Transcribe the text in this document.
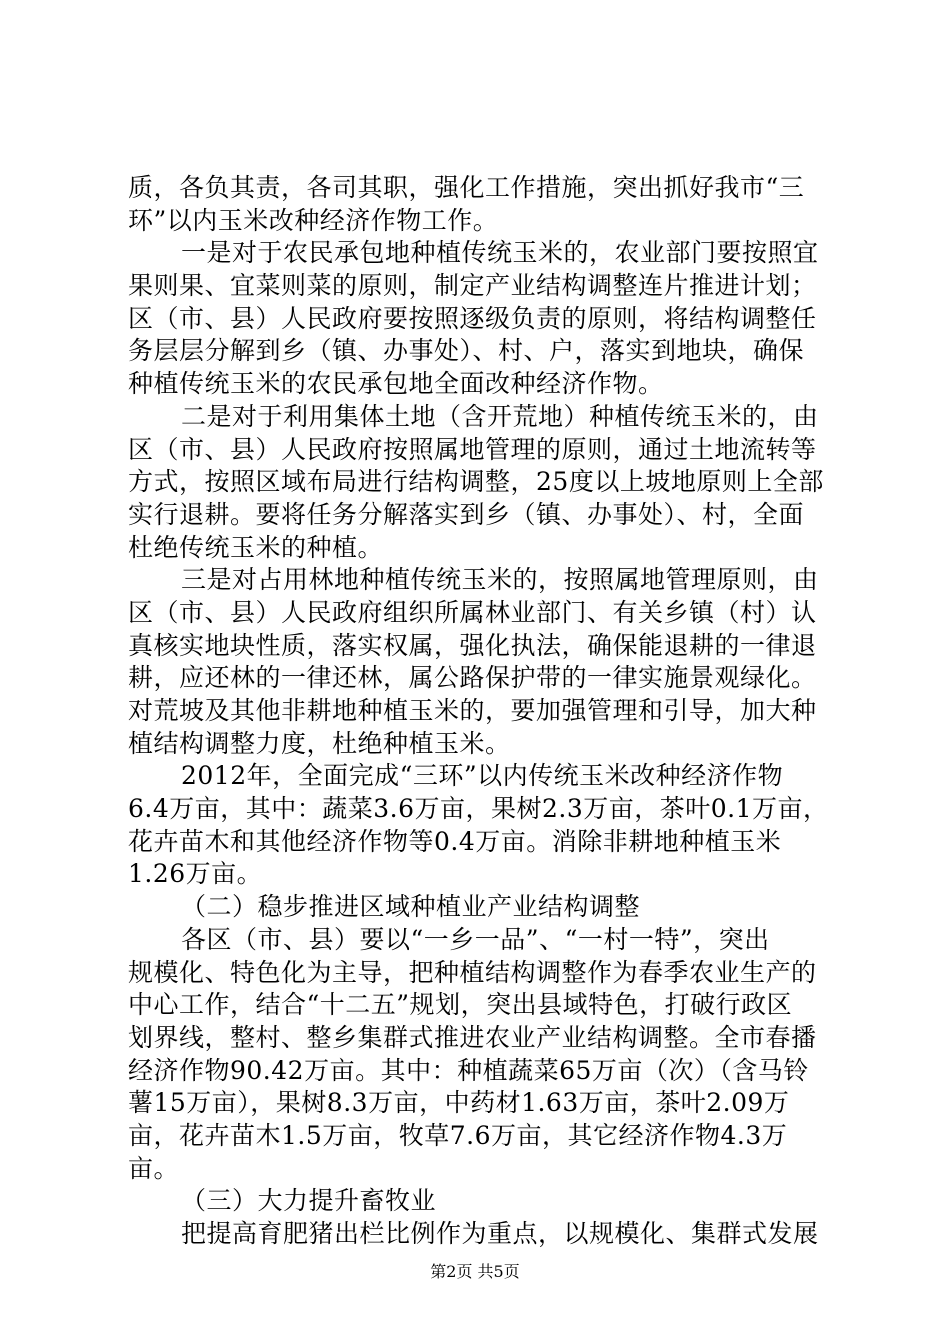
质，各负其责，各司其职，强化工作措施，突出抓好我市“三
环”以内玉米改种经济作物工作。
一是对于农民承包地种植传统玉米的，农业部门要按照宜
果则果、宜菜则菜的原则，制定产业结构调整连片推进计划；
区（市、县）人民政府要按照逐级负责的原则，将结构调整任
务层层分解到乡（镇、办事处）、村、户，落实到地块，确保
种植传统玉米的农民承包地全面改种经济作物。
二是对于利用集体土地（含开荒地）种植传统玉米的，由
区（市、县）人民政府按照属地管理的原则，通过土地流转等
方式，按照区域布局进行结构调整，25度以上坡地原则上全部
实行退耕。要将任务分解落实到乡（镇、办事处）、村，全面
杜绝传统玉米的种植。
三是对占用林地种植传统玉米的，按照属地管理原则，由
区（市、县）人民政府组织所属林业部门、有关乡镇（村）认
真核实地块性质，落实权属，强化执法，确保能退耕的一律退
耕，应还林的一律还林，属公路保护带的一律实施景观绿化。
对荒坡及其他非耕地种植玉米的，要加强管理和引导，加大种
植结构调整力度，杜绝种植玉米。
2012年，全面完成“三环”以内传统玉米改种经济作物
6.4万亩，其中：蔬菜3.6万亩，果树2.3万亩，茶叶0.1万亩，
花卉苗木和其他经济作物等0.4万亩。消除非耕地种植玉米
1.26万亩。
（二）稳步推进区域种植业产业结构调整
各区（市、县）要以“一乡一品”、“一村一特”，突出
规模化、特色化为主导，把种植结构调整作为春季农业生产的
中心工作，结合“十二五”规划，突出县域特色，打破行政区
划界线，整村、整乡集群式推进农业产业结构调整。全市春播
经济作物90.42万亩。其中：种植蔬菜65万亩（次）（含马铃
薯15万亩），果树8.3万亩，中药材1.63万亩，茶叶2.09万
亩，花卉苗木1.5万亩，牧草7.6万亩，其它经济作物4.3万
亩。
（三）大力提升畜牧业
把提高育肥猪出栏比例作为重点，以规模化、集群式发展
第2页 共5页
